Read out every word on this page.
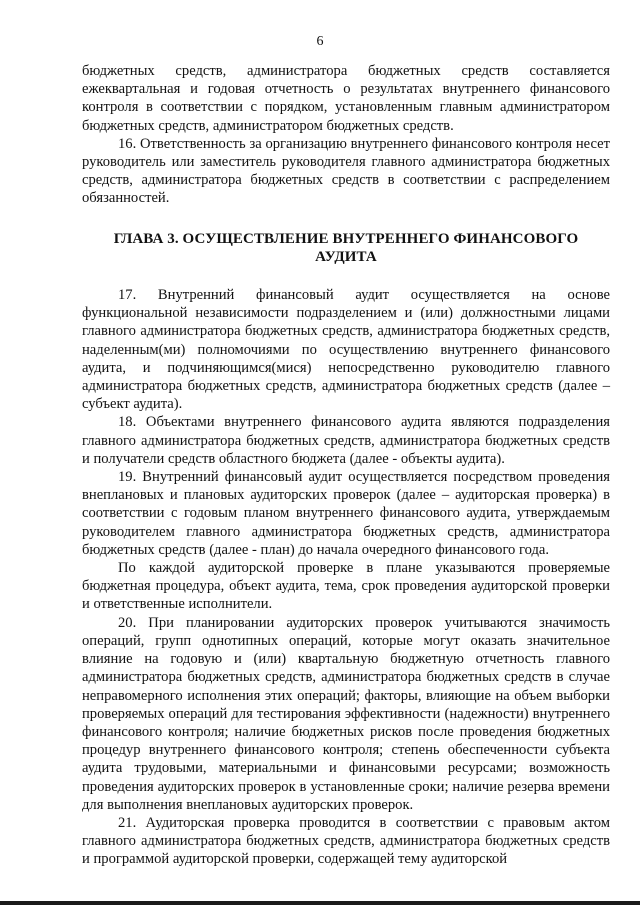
6

бюджетных средств, администратора бюджетных средств составляется ежеквартальная и годовая отчетность о результатах внутреннего финансового контроля в соответствии с порядком, установленным главным администратором бюджетных средств, администратором бюджетных средств.

16. Ответственность за организацию внутреннего финансового контроля несет руководитель или заместитель руководителя главного администратора бюджетных средств, администратора бюджетных средств в соответствии с распределением обязанностей.

ГЛАВА 3. ОСУЩЕСТВЛЕНИЕ ВНУТРЕННЕГО ФИНАНСОВОГО АУДИТА

17. Внутренний финансовый аудит осуществляется на основе функциональной независимости подразделением и (или) должностными лицами главного администратора бюджетных средств, администратора бюджетных средств, наделенным(ми) полномочиями по осуществлению внутреннего финансового аудита, и подчиняющимся(мися) непосредственно руководителю главного администратора бюджетных средств, администратора бюджетных средств (далее – субъект аудита).

18. Объектами внутреннего финансового аудита являются подразделения главного администратора бюджетных средств, администратора бюджетных средств и получатели средств областного бюджета (далее - объекты аудита).

19. Внутренний финансовый аудит осуществляется посредством проведения внеплановых и плановых аудиторских проверок (далее – аудиторская проверка) в соответствии с годовым планом внутреннего финансового аудита, утверждаемым руководителем главного администратора бюджетных средств, администратора бюджетных средств (далее - план) до начала очередного финансового года.

По каждой аудиторской проверке в плане указываются проверяемые бюджетная процедура, объект аудита, тема, срок проведения аудиторской проверки и ответственные исполнители.

20. При планировании аудиторских проверок учитываются значимость операций, групп однотипных операций, которые могут оказать значительное влияние на годовую и (или) квартальную бюджетную отчетность главного администратора бюджетных средств, администратора бюджетных средств в случае неправомерного исполнения этих операций; факторы, влияющие на объем выборки проверяемых операций для тестирования эффективности (надежности) внутреннего финансового контроля; наличие бюджетных рисков после проведения бюджетных процедур внутреннего финансового контроля; степень обеспеченности субъекта аудита трудовыми, материальными и финансовыми ресурсами; возможность проведения аудиторских проверок в установленные сроки; наличие резерва времени для выполнения внеплановых аудиторских проверок.

21. Аудиторская проверка проводится в соответствии с правовым актом главного администратора бюджетных средств, администратора бюджетных средств и программой аудиторской проверки, содержащей тему аудиторской
